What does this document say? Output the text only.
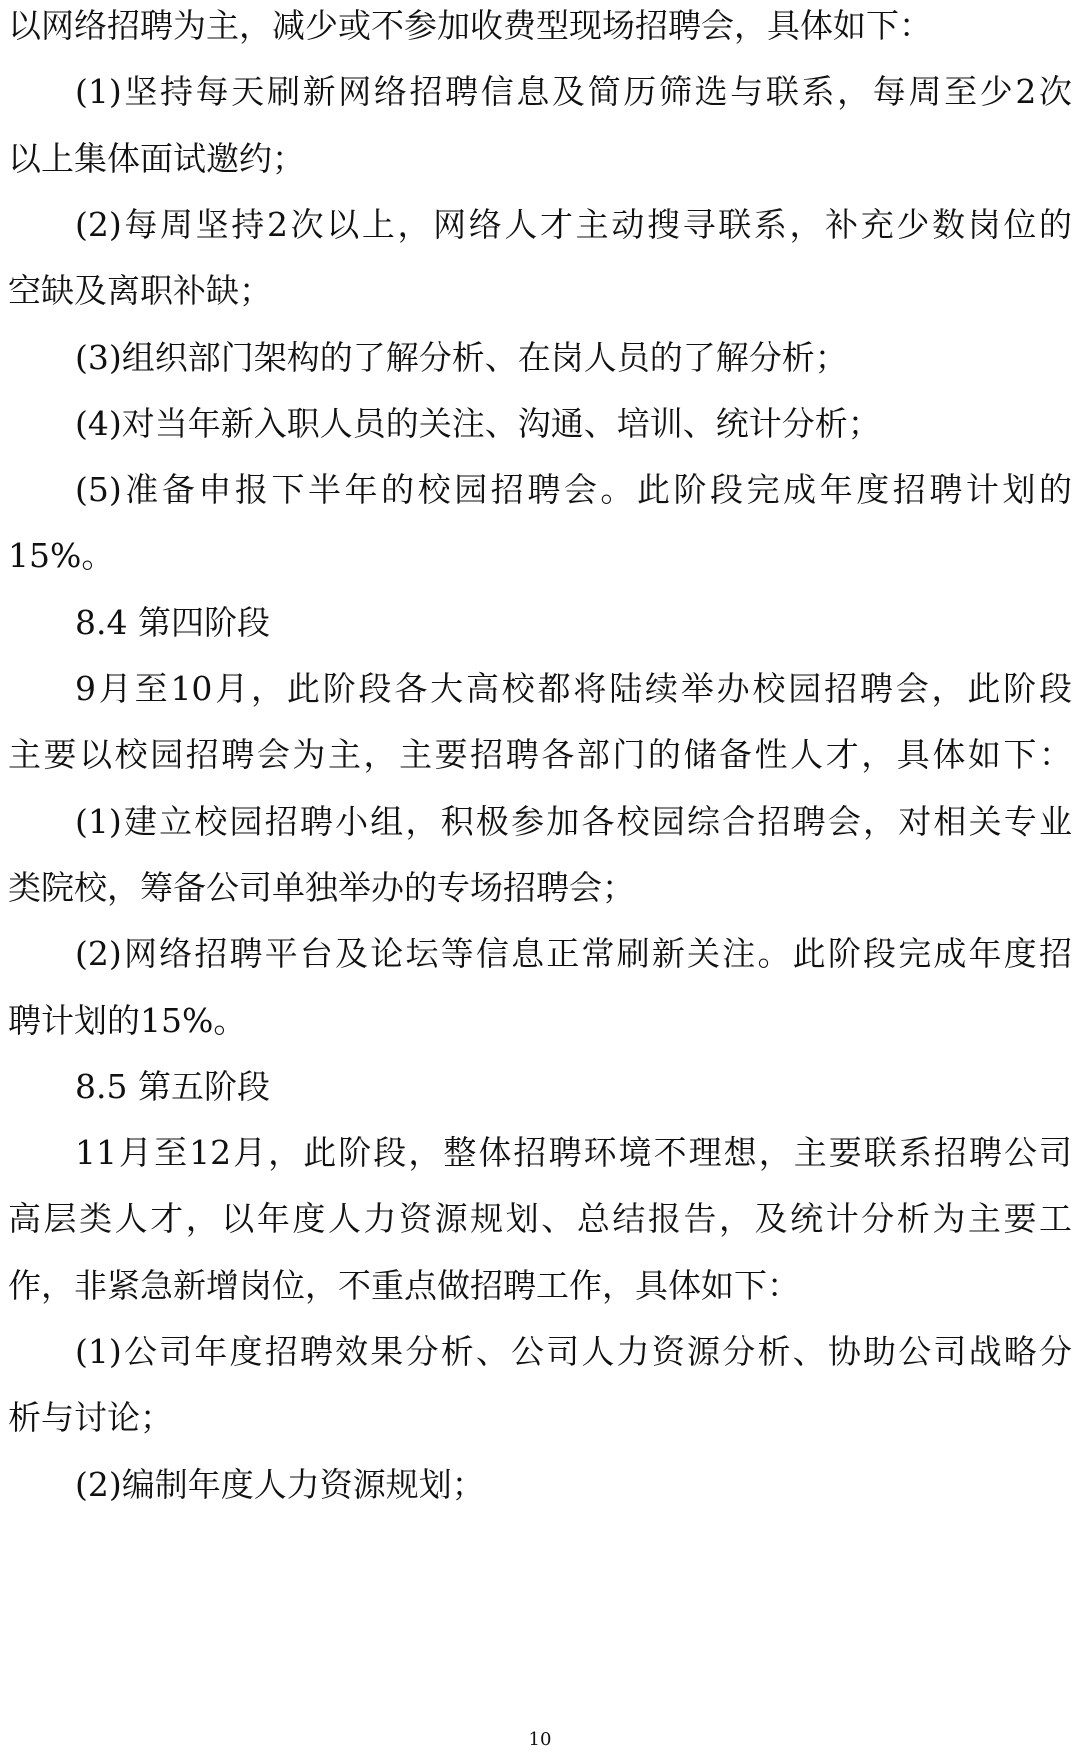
以网络招聘为主，减少或不参加收费型现场招聘会，具体如下：
(1)坚持每天刷新网络招聘信息及简历筛选与联系，每周至少2次
以上集体面试邀约；
(2)每周坚持2次以上，网络人才主动搜寻联系，补充少数岗位的
空缺及离职补缺；
(3)组织部门架构的了解分析、在岗人员的了解分析；
(4)对当年新入职人员的关注、沟通、培训、统计分析；
(5)准备申报下半年的校园招聘会。此阶段完成年度招聘计划的
15%。
8.4 第四阶段
9月至10月，此阶段各大高校都将陆续举办校园招聘会，此阶段
主要以校园招聘会为主，主要招聘各部门的储备性人才，具体如下：
(1)建立校园招聘小组，积极参加各校园综合招聘会，对相关专业
类院校，筹备公司单独举办的专场招聘会；
(2)网络招聘平台及论坛等信息正常刷新关注。此阶段完成年度招
聘计划的15%。
8.5 第五阶段
11月至12月，此阶段，整体招聘环境不理想，主要联系招聘公司
高层类人才，以年度人力资源规划、总结报告，及统计分析为主要工
作，非紧急新增岗位，不重点做招聘工作，具体如下：
(1)公司年度招聘效果分析、公司人力资源分析、协助公司战略分
析与讨论；
(2)编制年度人力资源规划；
10
